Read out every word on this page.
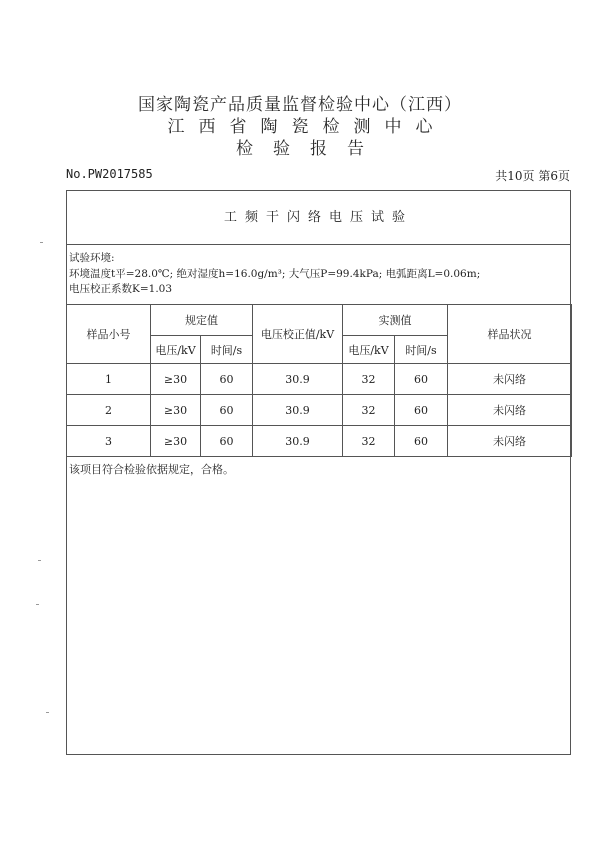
国家陶瓷产品质量监督检验中心（江西）
江西省陶瓷检测中心
检验报告
No.PW2017585	共10页 第6页
工频干闪络电压试验
试验环境:
环境温度t平=28.0℃; 绝对湿度h=16.0g/m³; 大气压P=99.4kPa; 电弧距离L=0.06m;
电压校正系数K=1.03
样品小号	规定值		电压校正值/kV	实测值		样品状况
	电压/kV	时间/s		电压/kV	时间/s	
1	≥30	60	30.9	32	60	未闪络
2	≥30	60	30.9	32	60	未闪络
3	≥30	60	30.9	32	60	未闪络
该项目符合检验依据规定，合格。
